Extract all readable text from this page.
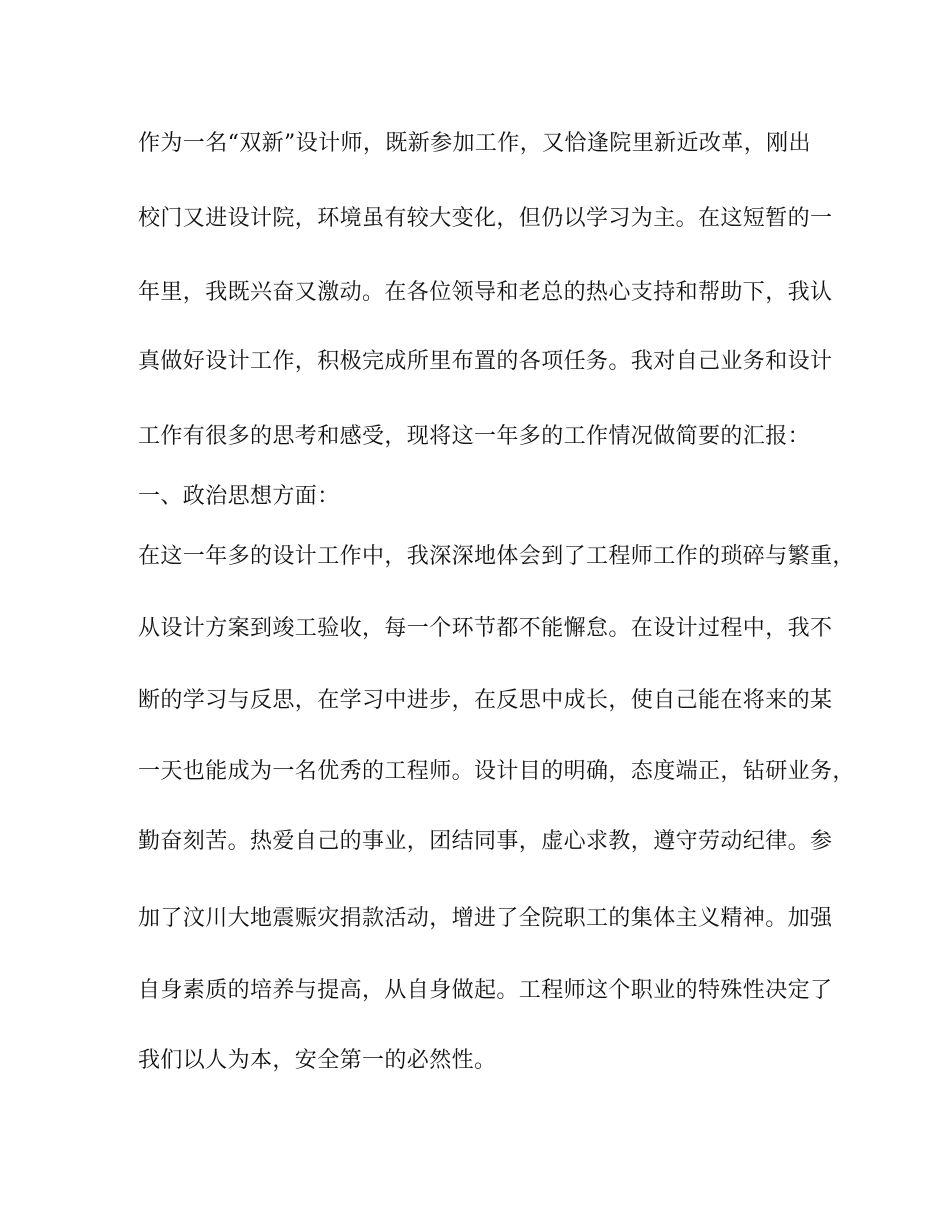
作为一名“双新”设计师，既新参加工作，又恰逢院里新近改革，刚出
校门又进设计院，环境虽有较大变化，但仍以学习为主。在这短暂的一
年里，我既兴奋又激动。在各位领导和老总的热心支持和帮助下，我认
真做好设计工作，积极完成所里布置的各项任务。我对自己业务和设计
工作有很多的思考和感受，现将这一年多的工作情况做简要的汇报：
一、政治思想方面：
在这一年多的设计工作中，我深深地体会到了工程师工作的琐碎与繁重，
从设计方案到竣工验收，每一个环节都不能懈怠。在设计过程中，我不
断的学习与反思，在学习中进步，在反思中成长，使自己能在将来的某
一天也能成为一名优秀的工程师。设计目的明确，态度端正，钻研业务，
勤奋刻苦。热爱自己的事业，团结同事，虚心求教，遵守劳动纪律。参
加了汶川大地震赈灾捐款活动，增进了全院职工的集体主义精神。加强
自身素质的培养与提高，从自身做起。工程师这个职业的特殊性决定了
我们以人为本，安全第一的必然性。
